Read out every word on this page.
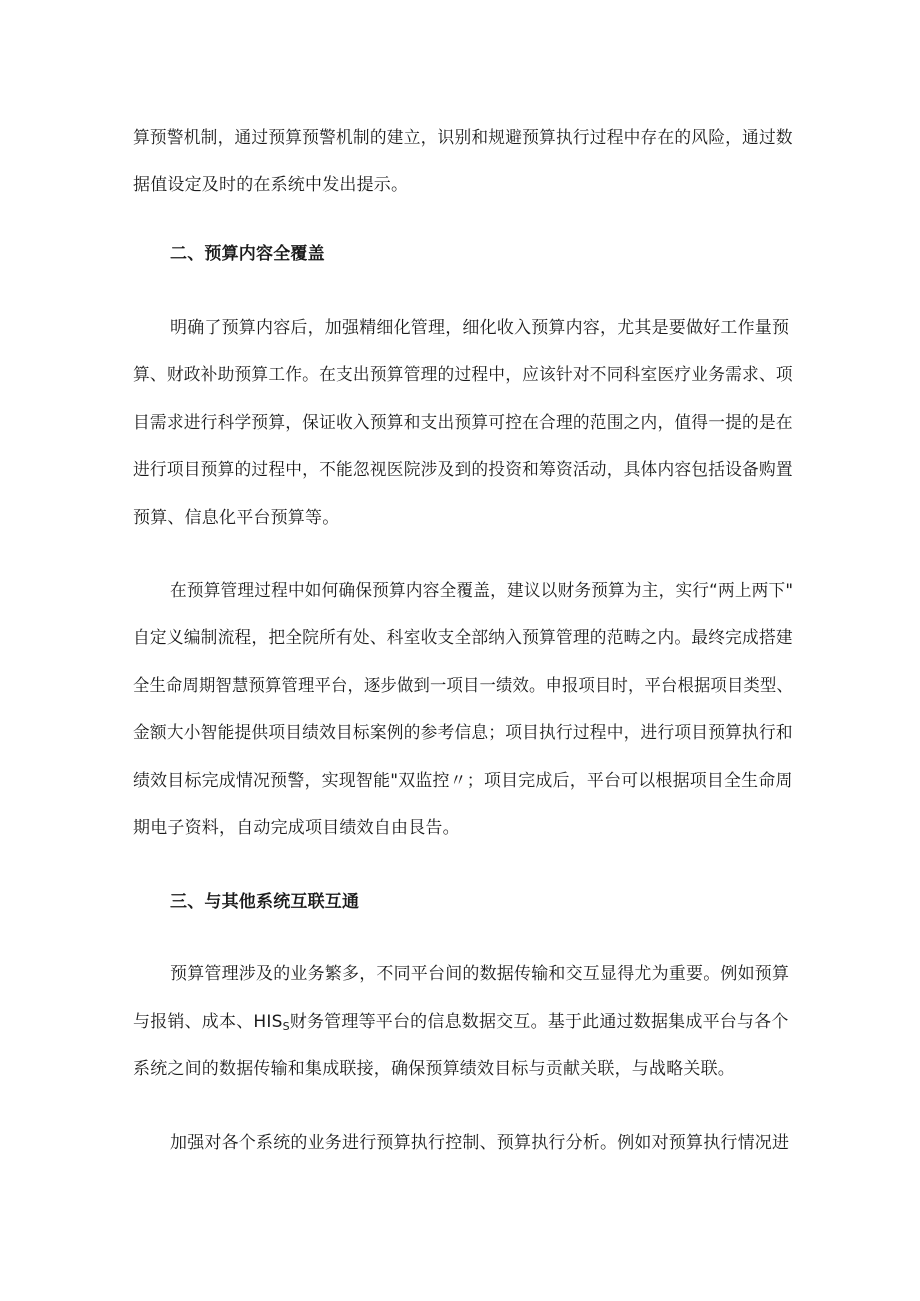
算预警机制，通过预算预警机制的建立，识别和规避预算执行过程中存在的风险，通过数
据值设定及时的在系统中发出提示。
二、预算内容全覆盖
明确了预算内容后，加强精细化管理，细化收入预算内容，尤其是要做好工作量预
算、财政补助预算工作。在支出预算管理的过程中，应该针对不同科室医疗业务需求、项
目需求进行科学预算，保证收入预算和支出预算可控在合理的范围之内，值得一提的是在
进行项目预算的过程中，不能忽视医院涉及到的投资和筹资活动，具体内容包括设备购置
预算、信息化平台预算等。
在预算管理过程中如何确保预算内容全覆盖，建议以财务预算为主，实行“两上两下"
自定义编制流程，把全院所有处、科室收支全部纳入预算管理的范畴之内。最终完成搭建
全生命周期智慧预算管理平台，逐步做到一项目一绩效。申报项目时，平台根据项目类型、
金额大小智能提供项目绩效目标案例的参考信息；项目执行过程中，进行项目预算执行和
绩效目标完成情况预警，实现智能"双监控〃；项目完成后，平台可以根据项目全生命周
期电子资料，自动完成项目绩效自由艮告。
三、与其他系统互联互通
预算管理涉及的业务繁多，不同平台间的数据传输和交互显得尤为重要。例如预算
与报销、成本、$HIS_S$财务管理等平台的信息数据交互。基于此通过数据集成平台与各个
系统之间的数据传输和集成联接，确保预算绩效目标与贡献关联，与战略关联。
加强对各个系统的业务进行预算执行控制、预算执行分析。例如对预算执行情况进
